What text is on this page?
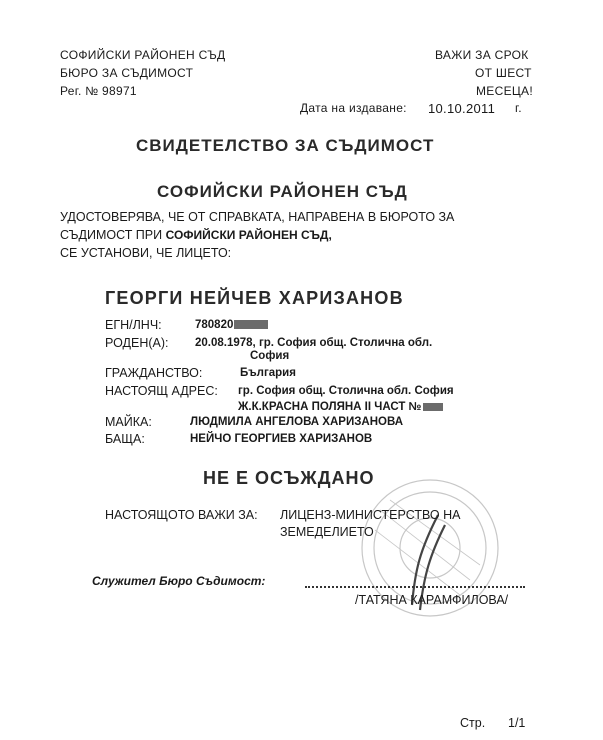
СОФИЙСКИ РАЙОНЕН СЪД
БЮРО ЗА СЪДИМОСТ
Рег. № 98971
ВАЖИ ЗА СРОК
ОТ ШЕСТ
МЕСЕЦА!
Дата на издаване: 10.10.2011 г.
СВИДЕТЕЛСТВО ЗА СЪДИМОСТ
СОФИЙСКИ РАЙОНЕН СЪД
УДОСТОВЕРЯВА, ЧЕ ОТ СПРАВКАТА, НАПРАВЕНА В БЮРОТО ЗА
СЪДИМОСТ ПРИ СОФИЙСКИ РАЙОНЕН СЪД,
СЕ УСТАНОВИ, ЧЕ ЛИЦЕТО:
ГЕОРГИ НЕЙЧЕВ ХАРИЗАНОВ
ЕГН/ЛНЧ:	780820
РОДЕН(А): 20.08.1978, гр. София общ. Столична обл.
София
ГРАЖДАНСТВО:	България
НАСТОЯЩ АДРЕС: гр. София общ. Столична обл. София
Ж.К.КРАСНА ПОЛЯНА II ЧАСТ №
МАЙКА:	ЛЮДМИЛА АНГЕЛОВА ХАРИЗАНОВА
БАЩА:	НЕЙЧО ГЕОРГИЕВ ХАРИЗАНОВ
НЕ Е ОСЪЖДАНО
НАСТОЯЩОТО ВАЖИ ЗА: ЛИЦЕНЗ-МИНИСТЕРСТВО НА
ЗЕМЕДЕЛИЕТО
Служител Бюро Съдимост:
/ТАТЯНА КАРАМФИЛОВА/
Стр. 1/1
